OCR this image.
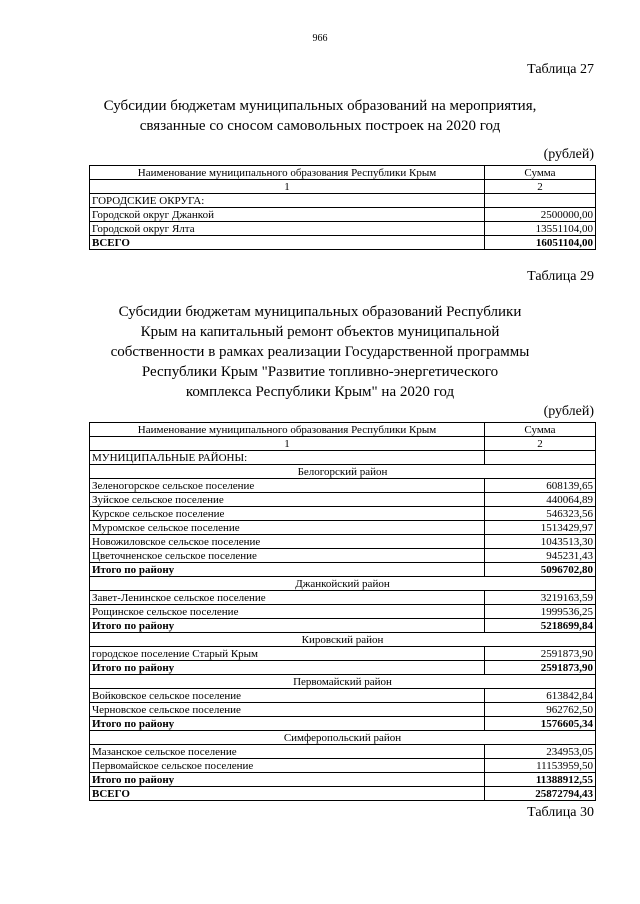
966
Таблица 27
Субсидии бюджетам муниципальных образований на мероприятия,
связанные со сносом самовольных построек на 2020 год
(рублей)
Наименование муниципального образования Республики Крым	Сумма
1	2
ГОРОДСКИЕ ОКРУГА:	
Городской округ Джанкой	2500000,00
Городской округ Ялта	13551104,00
ВСЕГО	16051104,00
Таблица 29
Субсидии бюджетам муниципальных образований Республики
Крым на капитальный ремонт объектов муниципальной
собственности в рамках реализации Государственной программы
Республики Крым "Развитие топливно-энергетического
комплекса Республики Крым" на 2020 год
(рублей)
Наименование муниципального образования Республики Крым	Сумма
1	2
МУНИЦИПАЛЬНЫЕ РАЙОНЫ:	
Белогорский район	
Зеленогорское сельское поселение	608139,65
Зуйское сельское поселение	440064,89
Курское сельское поселение	546323,56
Муромское сельское поселение	1513429,97
Новожиловское сельское поселение	1043513,30
Цветочненское сельское поселение	945231,43
Итого по району	5096702,80
Джанкойский район	
Завет-Ленинское сельское поселение	3219163,59
Рощинское сельское поселение	1999536,25
Итого по району	5218699,84
Кировский район	
городское поселение Старый Крым	2591873,90
Итого по району	2591873,90
Первомайский район	
Войковское сельское поселение	613842,84
Черновское сельское поселение	962762,50
Итого по району	1576605,34
Симферопольский район	
Мазанское сельское поселение	234953,05
Первомайское сельское поселение	11153959,50
Итого по району	11388912,55
ВСЕГО	25872794,43
Таблица 30
